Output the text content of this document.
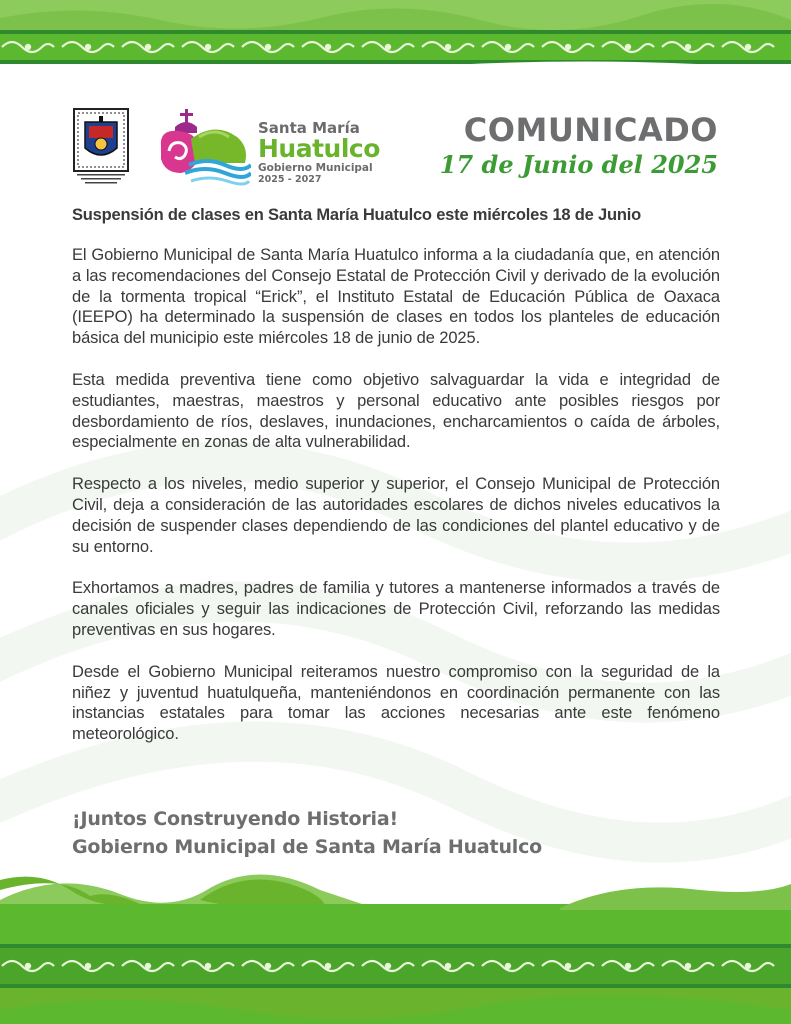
Santa María
Huatulco
Gobierno Municipal
2025 - 2027
COMUNICADO
17 de Junio del 2025

Suspensión de clases en Santa María Huatulco este miércoles 18 de Junio

El Gobierno Municipal de Santa María Huatulco informa a la ciudadanía que, en atención a las recomendaciones del Consejo Estatal de Protección Civil y derivado de la evolución de la tormenta tropical “Erick”, el Instituto Estatal de Educación Pública de Oaxaca (IEEPO) ha determinado la suspensión de clases en todos los planteles de educación básica del municipio este miércoles 18 de junio de 2025.

Esta medida preventiva tiene como objetivo salvaguardar la vida e integridad de estudiantes, maestras, maestros y personal educativo ante posibles riesgos por desbordamiento de ríos, deslaves, inundaciones, encharcamientos o caída de árboles, especialmente en zonas de alta vulnerabilidad.

Respecto a los niveles, medio superior y superior, el Consejo Municipal de Protección Civil, deja a consideración de las autoridades escolares de dichos niveles educativos la decisión de suspender clases dependiendo de las condiciones del plantel educativo y de su entorno.

Exhortamos a madres, padres de familia y tutores a mantenerse informados a través de canales oficiales y seguir las indicaciones de Protección Civil, reforzando las medidas preventivas en sus hogares.

Desde el Gobierno Municipal reiteramos nuestro compromiso con la seguridad de la niñez y juventud huatulqueña, manteniéndonos en coordinación permanente con las instancias estatales para tomar las acciones necesarias ante este fenómeno meteorológico.

¡Juntos Construyendo Historia!
Gobierno Municipal de Santa María Huatulco
